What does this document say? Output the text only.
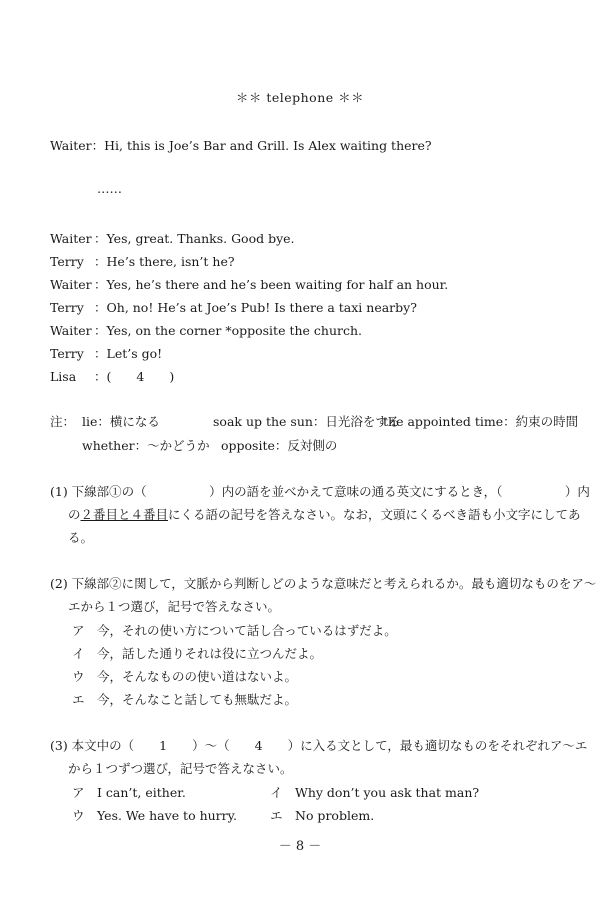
＊＊ telephone ＊＊
Waiter：Hi, this is Joe’s Bar and Grill. Is Alex waiting there?
……
Waiter ：Yes, great. Thanks. Good bye.
Terry ：He’s there, isn’t he?
Waiter ：Yes, he’s there and he’s been waiting for half an hour.
Terry ：Oh, no! He’s at Joe’s Pub! Is there a taxi nearby?
Waiter ：Yes, on the corner *opposite the church.
Terry ：Let’s go!
Lisa ：(　　4　　)
注： lie：横になる	soak up the sun：日光浴をする
the appointed time：約束の時間
whether：～かどうか opposite：反対側の
(1) 下線部①の（　　　　　）内の語を並べかえて意味の通る英文にするとき，（　　　　　）内
の２番目と４番目にくる語の記号を答えなさい。なお，文頭にくるべき語も小文字にしてあ
る。
(2) 下線部②に関して，文脈から判断しどのような意味だと考えられるか。最も適切なものをア～
エから１つ選び，記号で答えなさい。
ア 今，それの使い方について話し合っているはずだよ。
イ 今，話した通りそれは役に立つんだよ。
ウ 今，そんなものの使い道はないよ。
エ 今，そんなこと話しても無駄だよ。
(3) 本文中の（　　1　　）～（　　4　　）に入る文として，最も適切なものをそれぞれア～エ
から１つずつ選び，記号で答えなさい。
ア I can’t, either.	イ Why don’t you ask that man?
ウ Yes. We have to hurry.	エ No problem.
－ 8 －
